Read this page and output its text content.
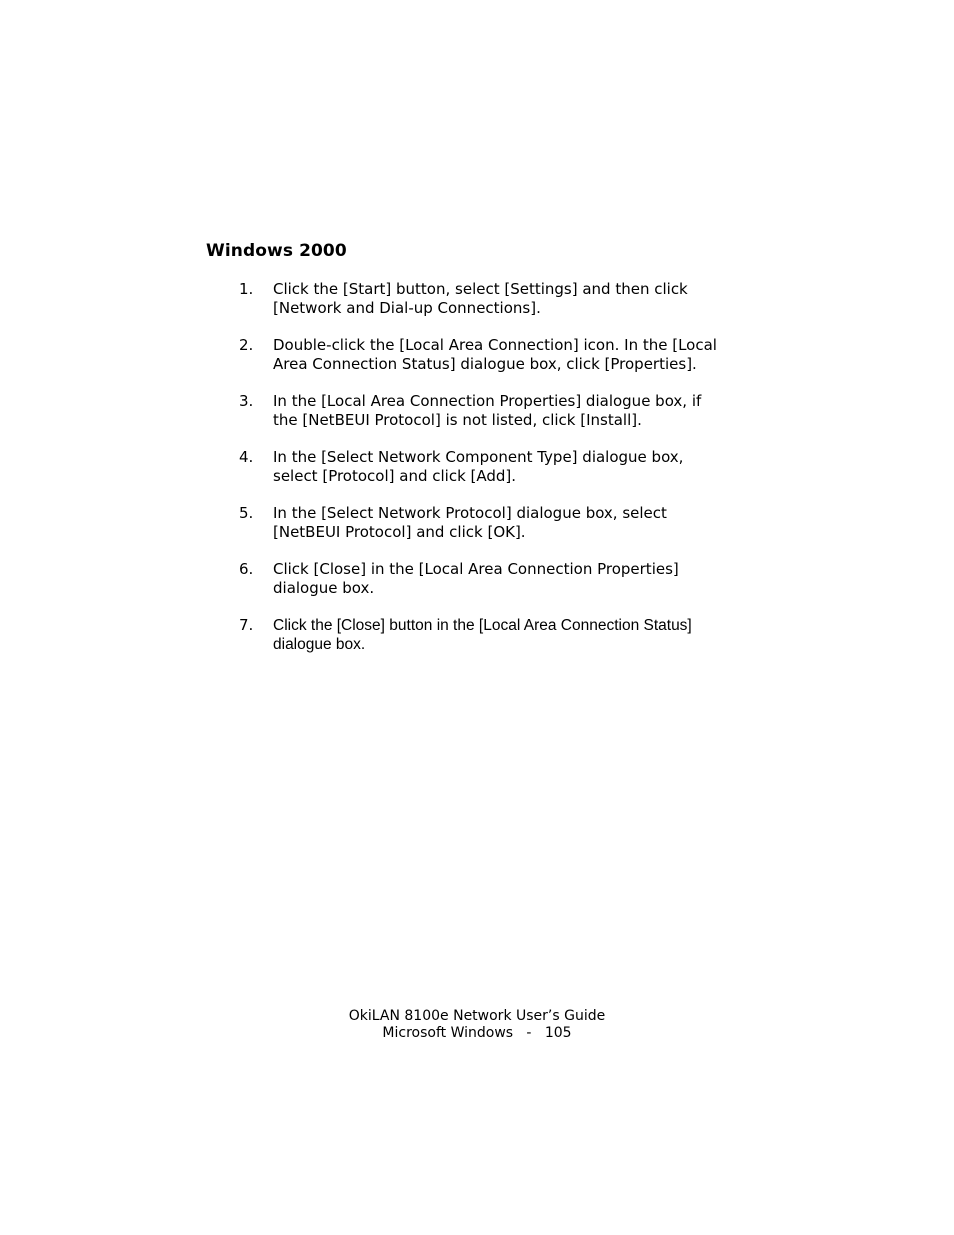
Windows 2000
1. Click the [Start] button, select [Settings] and then click
[Network and Dial-up Connections].
2. Double-click the [Local Area Connection] icon. In the [Local
Area Connection Status] dialogue box, click [Properties].
3. In the [Local Area Connection Properties] dialogue box, if
the [NetBEUI Protocol] is not listed, click [Install].
4. In the [Select Network Component Type] dialogue box,
select [Protocol] and click [Add].
5. In the [Select Network Protocol] dialogue box, select
[NetBEUI Protocol] and click [OK].
6. Click [Close] in the [Local Area Connection Properties]
dialogue box.
7. Click the [Close] button in the [Local Area Connection Status]
dialogue box.
OkiLAN 8100e Network User’s Guide
Microsoft Windows   -   105
